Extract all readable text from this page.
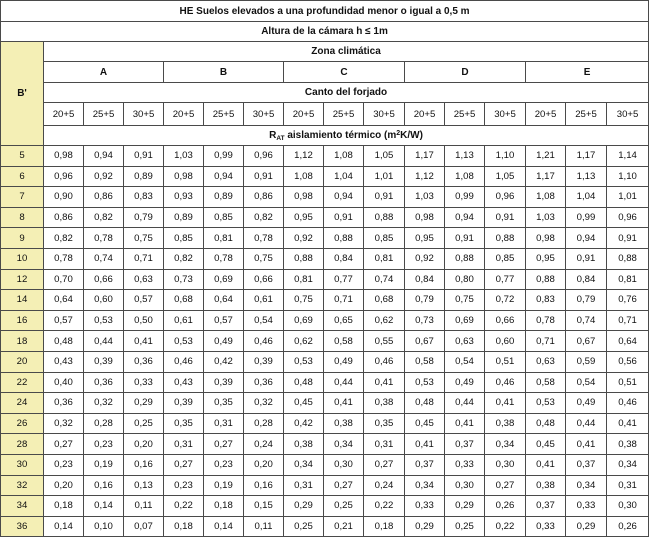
HE Suelos elevados a una profundidad menor o igual a 0,5 m															
Altura de la cámara h ≤ 1m															
B'	Zona climática														
	A			B			C			D			E		
	Canto del forjado														
	20+5	25+5	30+5	20+5	25+5	30+5	20+5	25+5	30+5	20+5	25+5	30+5	20+5	25+5	30+5
	$R_{AT}$ aislamiento térmico $(m^2K/W)$														
5	0,98	0,94	0,91	1,03	0,99	0,96	1,12	1,08	1,05	1,17	1,13	1,10	1,21	1,17	1,14
6	0,96	0,92	0,89	0,98	0,94	0,91	1,08	1,04	1,01	1,12	1,08	1,05	1,17	1,13	1,10
7	0,90	0,86	0,83	0,93	0,89	0,86	0,98	0,94	0,91	1,03	0,99	0,96	1,08	1,04	1,01
8	0,86	0,82	0,79	0,89	0,85	0,82	0,95	0,91	0,88	0,98	0,94	0,91	1,03	0,99	0,96
9	0,82	0,78	0,75	0,85	0,81	0,78	0,92	0,88	0,85	0,95	0,91	0,88	0,98	0,94	0,91
10	0,78	0,74	0,71	0,82	0,78	0,75	0,88	0,84	0,81	0,92	0,88	0,85	0,95	0,91	0,88
12	0,70	0,66	0,63	0,73	0,69	0,66	0,81	0,77	0,74	0,84	0,80	0,77	0,88	0,84	0,81
14	0,64	0,60	0,57	0,68	0,64	0,61	0,75	0,71	0,68	0,79	0,75	0,72	0,83	0,79	0,76
16	0,57	0,53	0,50	0,61	0,57	0,54	0,69	0,65	0,62	0,73	0,69	0,66	0,78	0,74	0,71
18	0,48	0,44	0,41	0,53	0,49	0,46	0,62	0,58	0,55	0,67	0,63	0,60	0,71	0,67	0,64
20	0,43	0,39	0,36	0,46	0,42	0,39	0,53	0,49	0,46	0,58	0,54	0,51	0,63	0,59	0,56
22	0,40	0,36	0,33	0,43	0,39	0,36	0,48	0,44	0,41	0,53	0,49	0,46	0,58	0,54	0,51
24	0,36	0,32	0,29	0,39	0,35	0,32	0,45	0,41	0,38	0,48	0,44	0,41	0,53	0,49	0,46
26	0,32	0,28	0,25	0,35	0,31	0,28	0,42	0,38	0,35	0,45	0,41	0,38	0,48	0,44	0,41
28	0,27	0,23	0,20	0,31	0,27	0,24	0,38	0,34	0,31	0,41	0,37	0,34	0,45	0,41	0,38
30	0,23	0,19	0,16	0,27	0,23	0,20	0,34	0,30	0,27	0,37	0,33	0,30	0,41	0,37	0,34
32	0,20	0,16	0,13	0,23	0,19	0,16	0,31	0,27	0,24	0,34	0,30	0,27	0,38	0,34	0,31
34	0,18	0,14	0,11	0,22	0,18	0,15	0,29	0,25	0,22	0,33	0,29	0,26	0,37	0,33	0,30
36	0,14	0,10	0,07	0,18	0,14	0,11	0,25	0,21	0,18	0,29	0,25	0,22	0,33	0,29	0,26
